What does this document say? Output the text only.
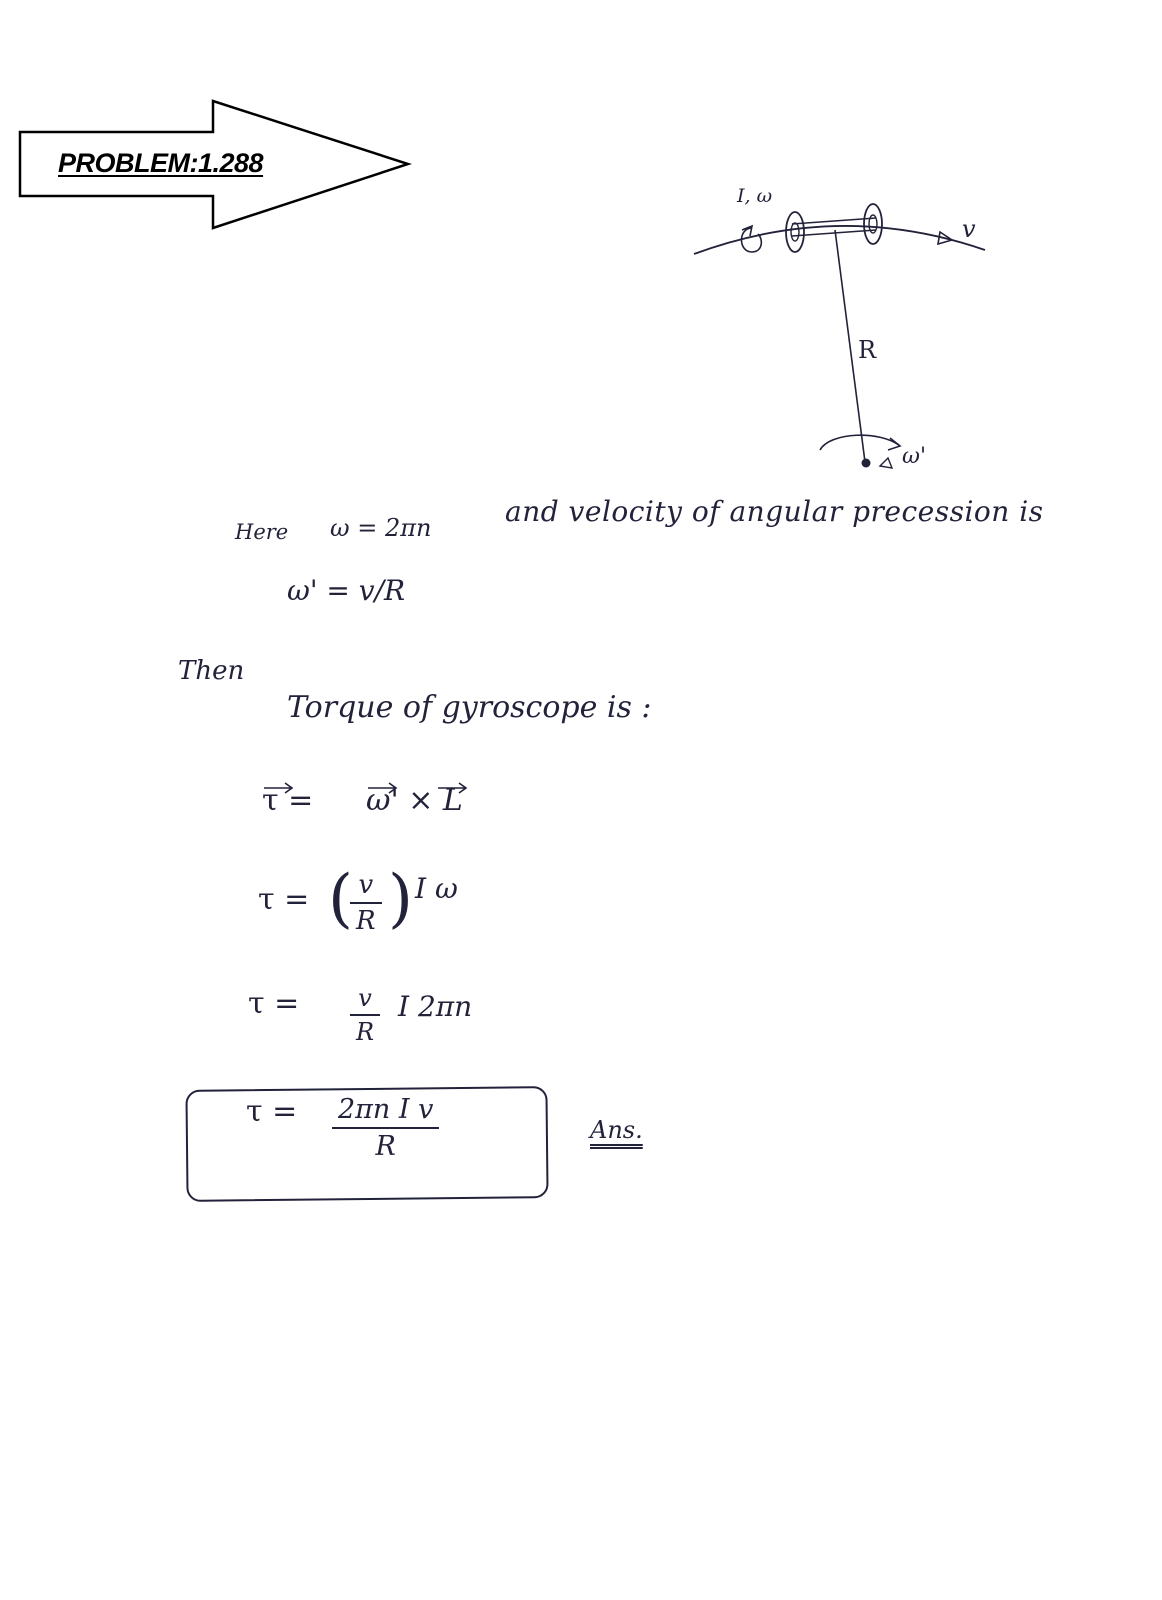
PROBLEM:1.288
I, ω
v
R
ω'
Here ω = 2πn	and velocity of angular precession is
ω' = v/R
Then
Torque of gyroscope is :
τ = ω' × L
τ = ( v
R ) I ω
τ = v
R
I 2πn
τ = 2πn I v
R
Ans.
